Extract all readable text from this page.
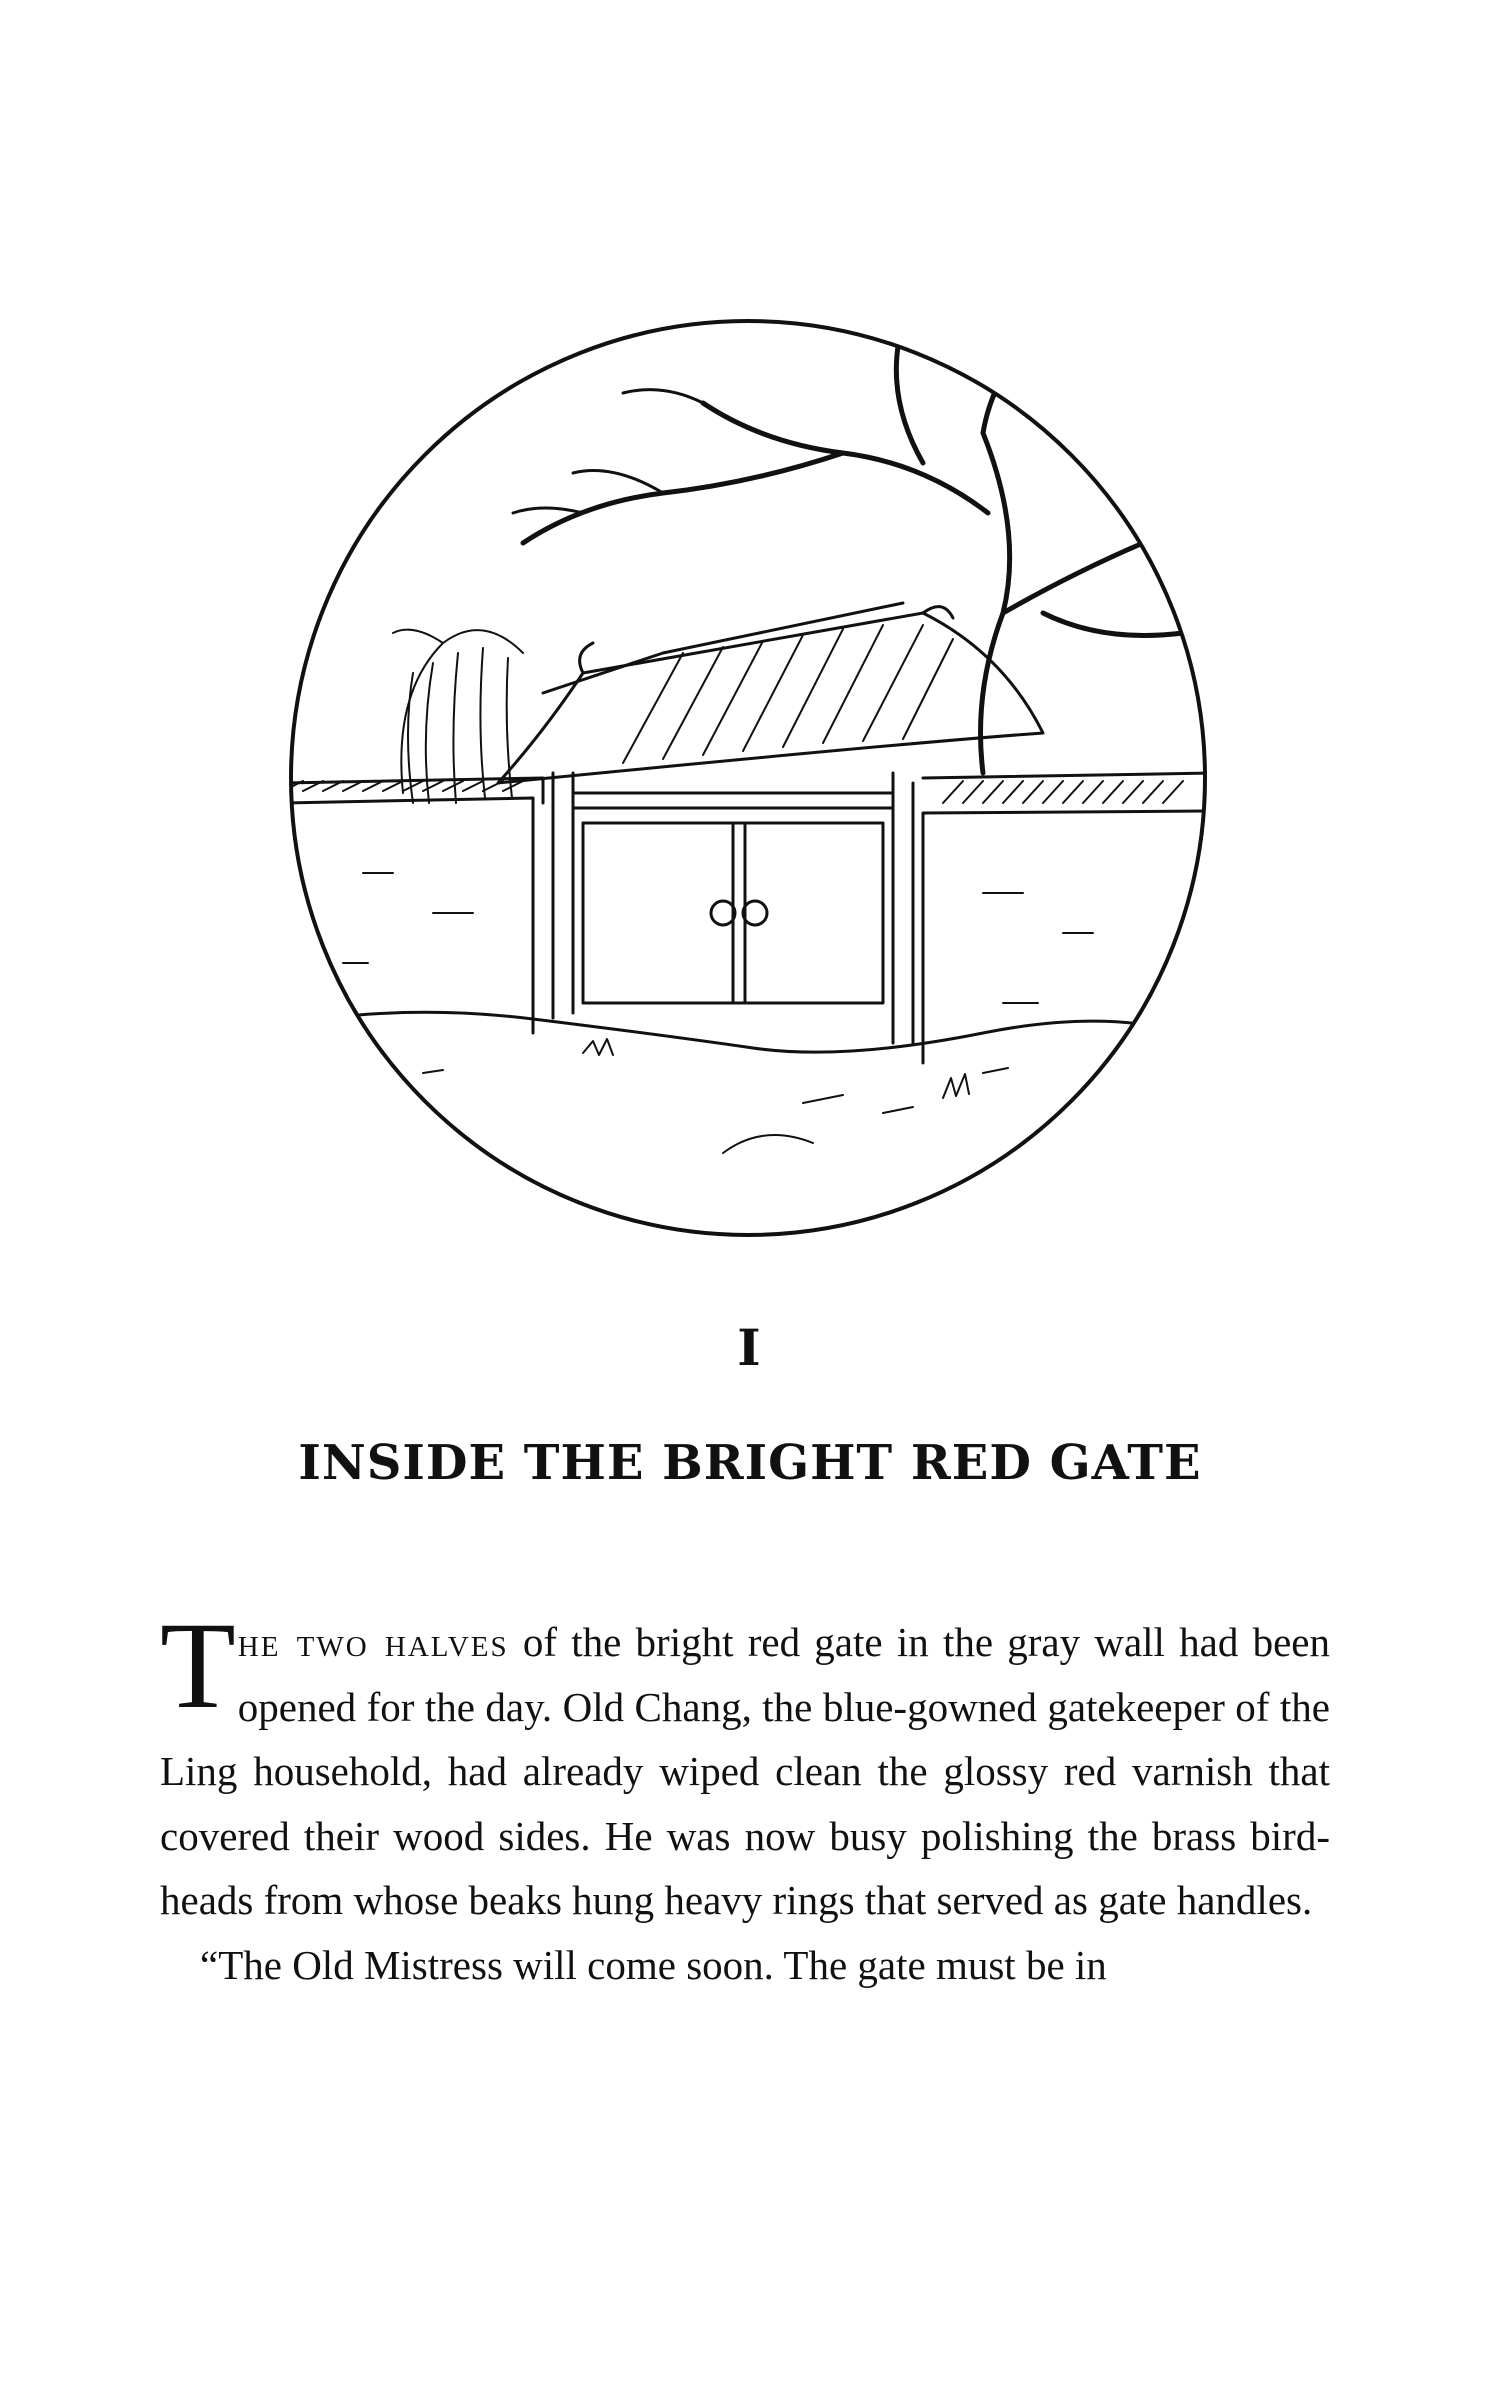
I
INSIDE THE BRIGHT RED GATE

The two halves of the bright red gate in the gray wall had been opened for the day. Old Chang, the blue-gowned gatekeeper of the Ling household, had already wiped clean the glossy red varnish that covered their wood sides. He was now busy polishing the brass bird-heads from whose beaks hung heavy rings that served as gate handles.

“The Old Mistress will come soon. The gate must be in
